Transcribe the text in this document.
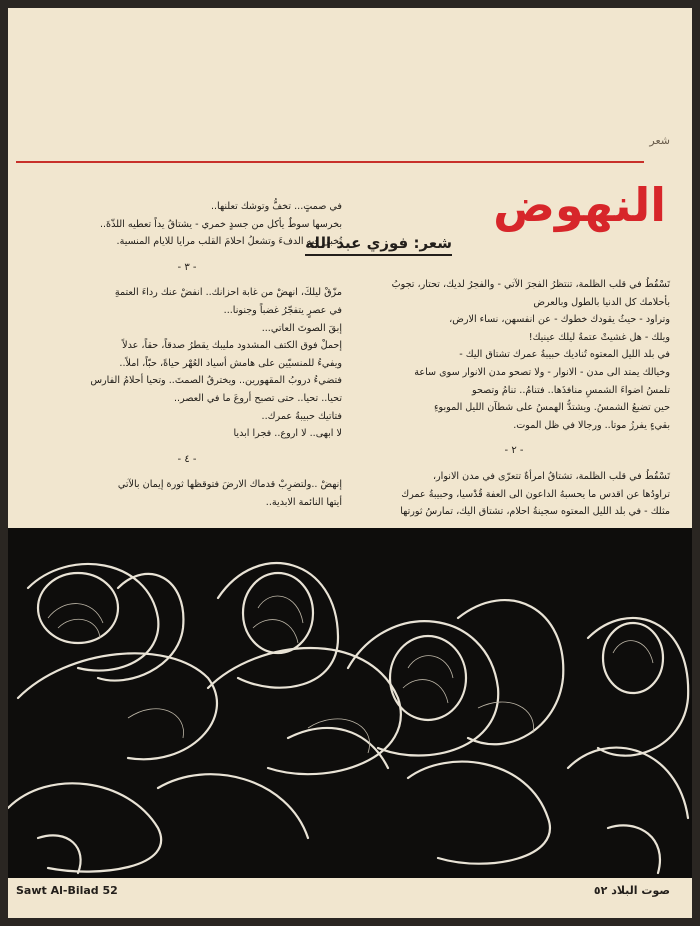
شعر
النهوض
شعر: فوزي عبد الله

في صمتٍ... تخفُّ وتوشك تعلنها..

بخرسها سوطٌ يأكل من جسدٍ خمري - يشتاقُ يداً تعطيه اللذّةَ..

تُخبي فيه الدفءَ وتشعلُ احلامَ القلب مرايا للايام المنسية.

- ٣ -

مزّقْ ليلكَ، انهضْ من غابة احزانك.. انفضْ عنك رداءَ العتمةِ

في عصرٍ يتفجّرُ غضباً وجنونا...

إبقَ الصوتَ العاتي...

إحملْ فوق الكتف المشدود مليبك يقطرُ صدقاً، حقاً، عدلاً

ويفيءُ للمنسيّين على هامش أسياد العُهْر حياةً، حبّاً، املاً..

فتضيءُ دروبُ المقهورين.. ويخترقُ الصمتَ.. وتحيا أحلامُ الفارس

تحيا.. تحيا.. حتى تصبح أروعَ ما في العصر..

فتاتيك حبيبةُ عمرك..

لا ابهى.. لا اروع.. فجرا ابديا

- ٤ -

إنهضْ ..ولتضرِبْ قدماك الارضَ فتوقظها ثورة إيمان بالآتي

أيتها النائمة الابدية..

تَسْقُطُ في قلب الظلمة، تنتظرُ الفجرَ الآتي - والفجرُ لديك، تحتار، تجوبُ

بأحلامك كل الدنيا بالطول وبالعرض

وتراود - حيثُ يقودك خطوك - عن انفسهن، نساء الارض،

ويلك - هل غشيتْ عتمةُ ليلك عينيك!

في بلد الليل المعتوه تُناديك حبيبةُ عمرك تشتاق اليك -

وخيالك يمتد الى مدن - الانوار - ولا تصحو مدن الانوار سوى ساعة

تلمسُ اضواءَ الشمسِ منافذَها.. فتنامُ.. تنامُ وتصحو

حين تضيعُ الشمسُ. ويشتدُّ الهمسُ على شطآن الليل الموبوءِ

بقيءٍ يفرزُ موتا.. ورجالا في ظل الموت.

- ٢ -

تَسْقُطُ في قلب الظلمة، تشتاقُ امرأةٌ تتعرّى في مدن الانوار،

تراودُها عن اقدس ما يحسبهُ الداعون الى العفة قُدْسيا، وحبيبةُ عمرك

مثلك - في بلد الليل المعتوه سجينةُ احلام، تشتاق اليك، تمارسُ ثورتها

Sawt Al-Bilad 52	صوت البلاد ٥٢
